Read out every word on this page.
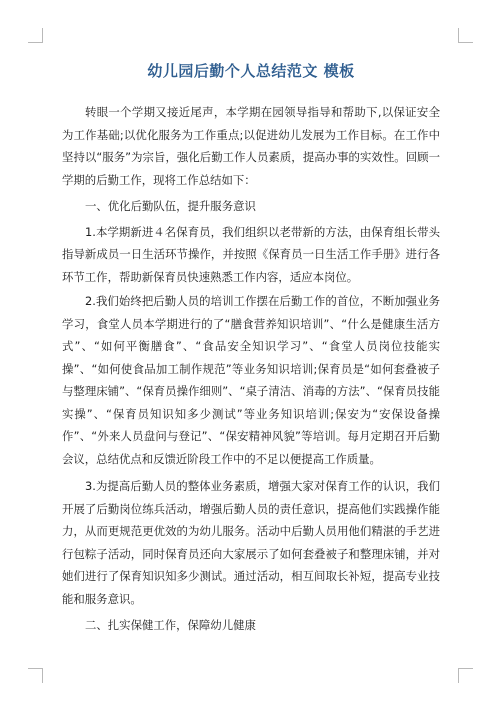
幼儿园后勤个人总结范文 模板

转眼一个学期又接近尾声，本学期在园领导指导和帮助下,以保证安全为工作基础;以优化服务为工作重点;以促进幼儿发展为工作目标。在工作中坚持以“服务”为宗旨，强化后勤工作人员素质，提高办事的实效性。回顾一学期的后勤工作，现将工作总结如下：

一、优化后勤队伍，提升服务意识

1.本学期新进４名保育员，我们组织以老带新的方法，由保育组长带头指导新成员一日生活环节操作，并按照《保育员一日生活工作手册》进行各环节工作，帮助新保育员快速熟悉工作内容，适应本岗位。

2.我们始终把后勤人员的培训工作摆在后勤工作的首位，不断加强业务学习，食堂人员本学期进行的了“膳食营养知识培训”、“什么是健康生活方式”、“如何平衡膳食”、“食品安全知识学习”、“食堂人员岗位技能实操”、“如何使食品加工制作规范”等业务知识培训;保育员是“如何套叠被子与整理床铺”、“保育员操作细则”、“桌子清洁、消毒的方法”、“保育员技能实操”、“保育员知识知多少测试”等业务知识培训;保安为“安保设备操作”、“外来人员盘问与登记”、“保安精神风貌”等培训。每月定期召开后勤会议，总结优点和反馈近阶段工作中的不足以便提高工作质量。

3.为提高后勤人员的整体业务素质，增强大家对保育工作的认识，我们开展了后勤岗位练兵活动，增强后勤人员的责任意识，提高他们实践操作能力，从而更规范更优效的为幼儿服务。活动中后勤人员用他们精湛的手艺进行包粽子活动，同时保育员还向大家展示了如何套叠被子和整理床铺，并对她们进行了保育知识知多少测试。通过活动，相互间取长补短，提高专业技能和服务意识。

二、扎实保健工作，保障幼儿健康
